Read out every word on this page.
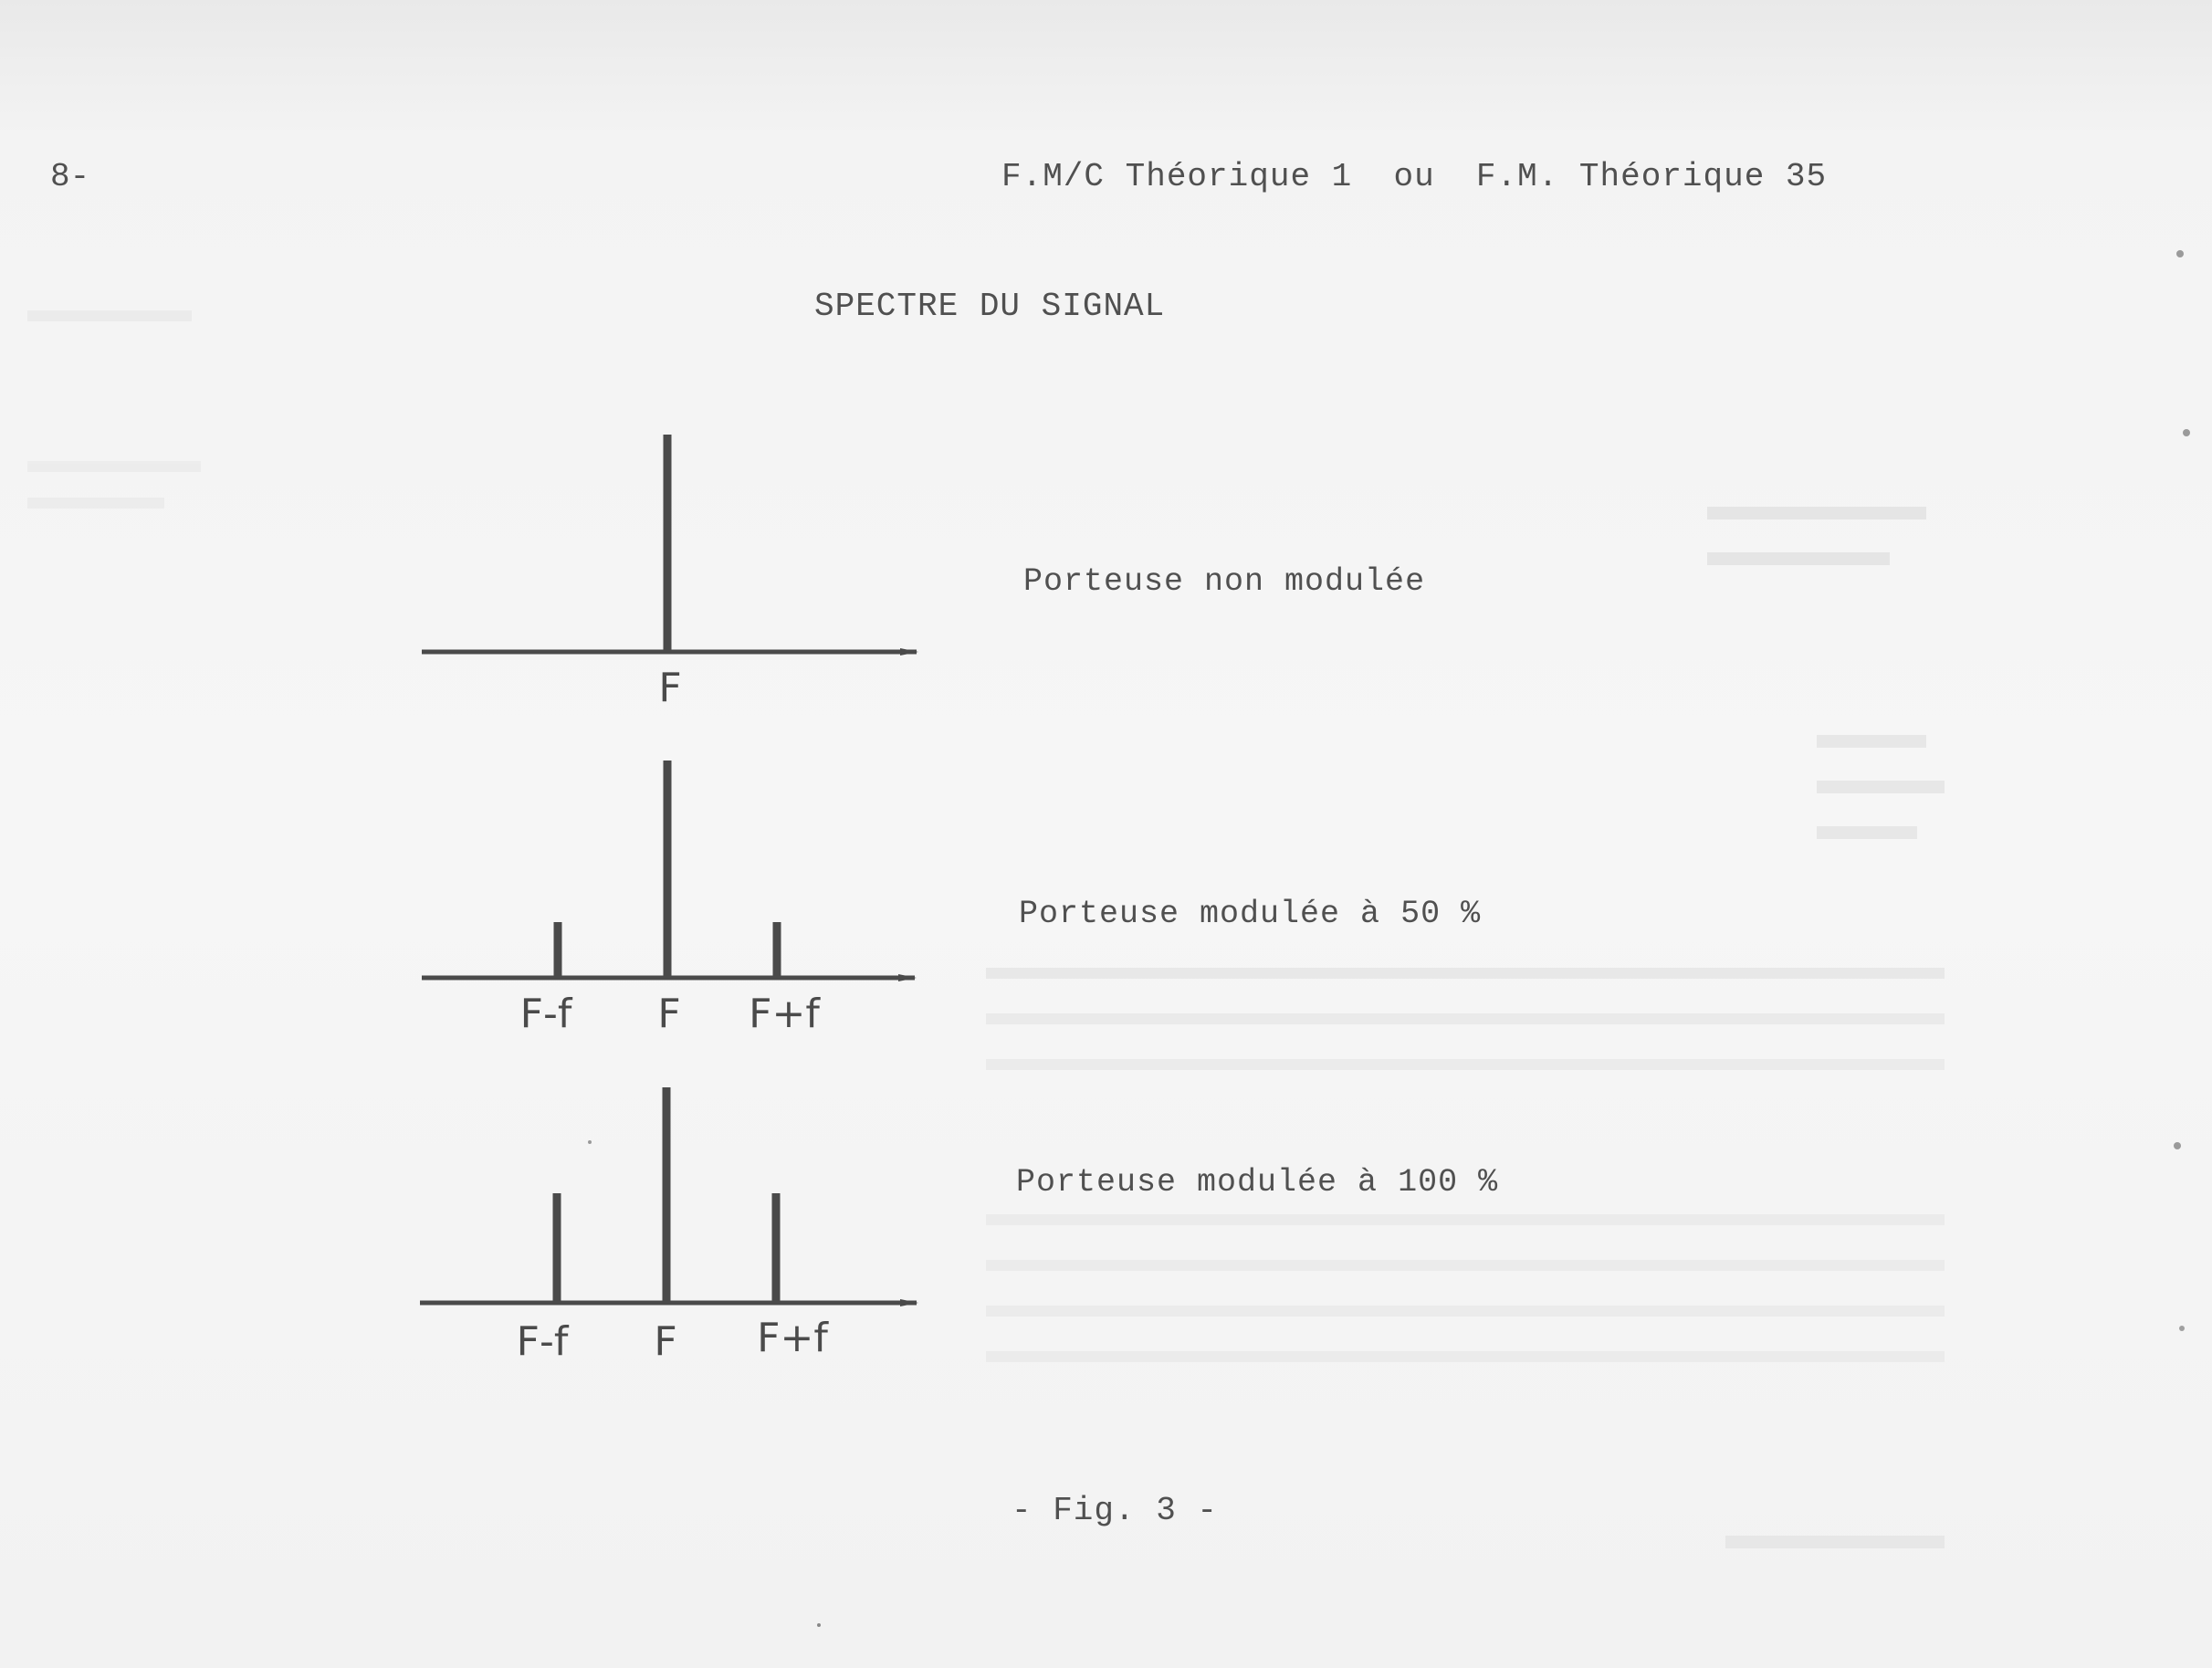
8-	F.M/C Théorique 1  ou  F.M. Théorique 35
SPECTRE DU SIGNAL
F
F-f F F+f
F-f F F+f
Porteuse non modulée
Porteuse modulée à 50 %
Porteuse modulée à 100 %
- Fig. 3 -
